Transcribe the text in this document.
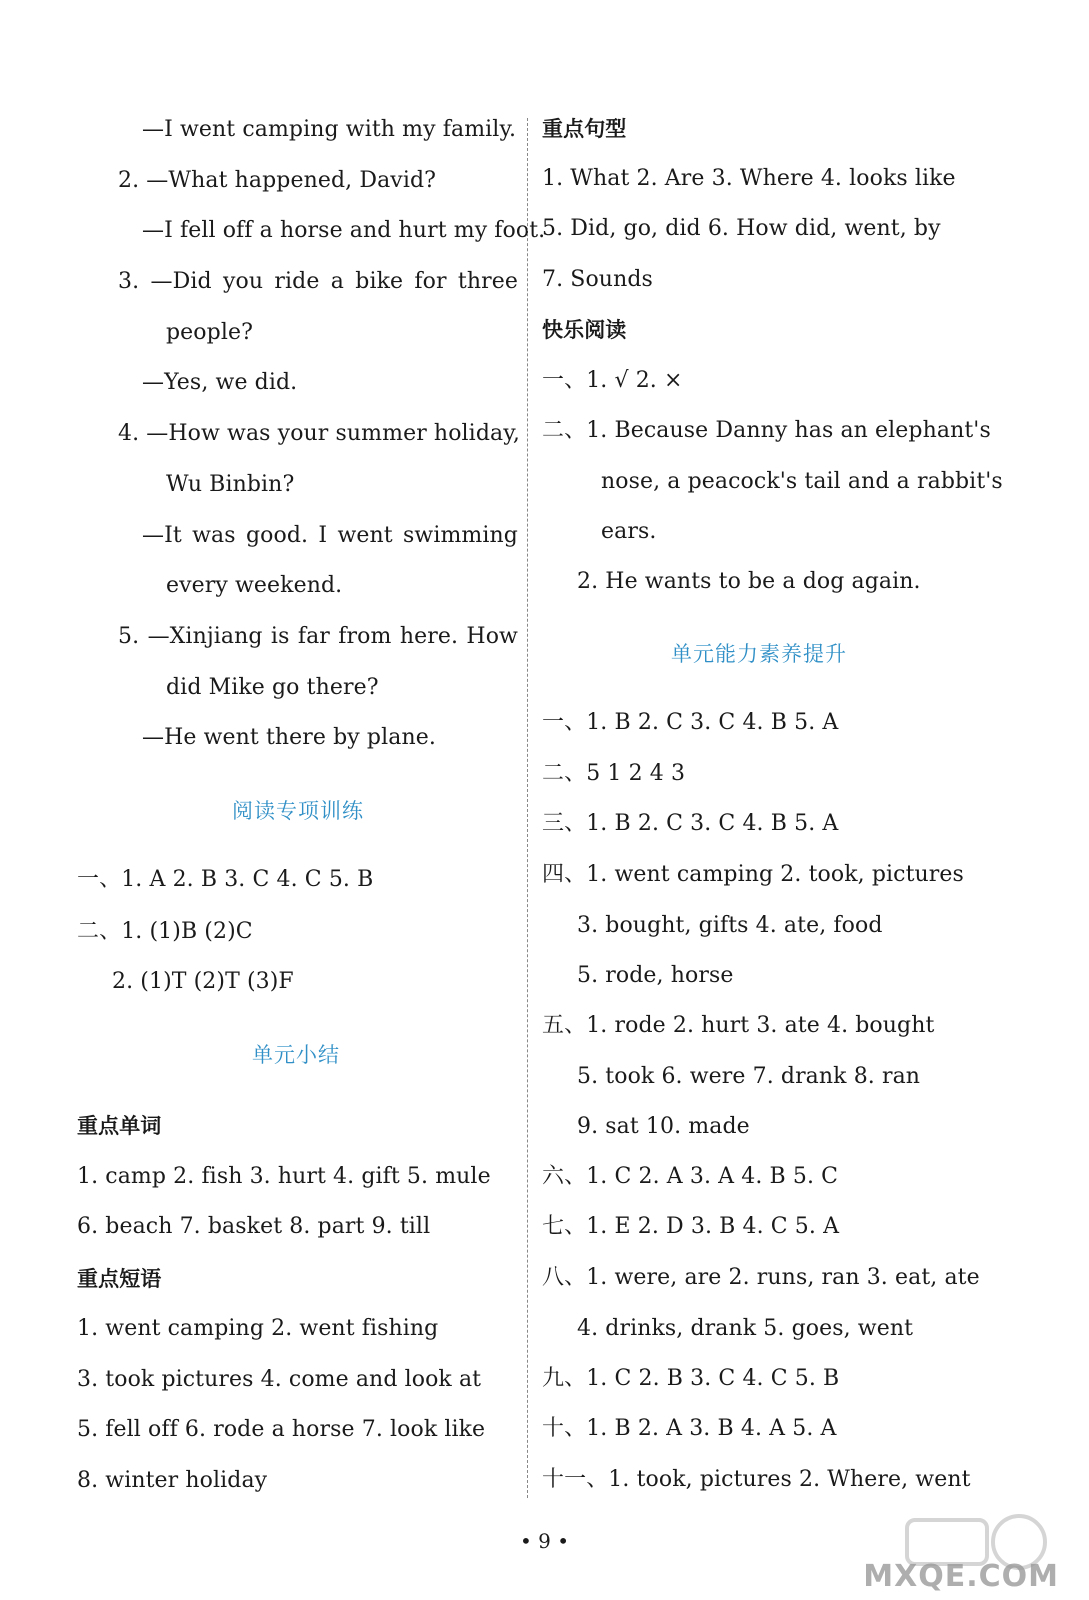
—I went camping with my family.
2. —What happened, David?
—I fell off a horse and hurt my foot.
3. —Did you ride a bike for three
people?
—Yes, we did.
4. —How was your summer holiday,
Wu Binbin?
—It was good. I went swimming
every weekend.
5. —Xinjiang is far from here. How
did Mike go there?
—He went there by plane.
阅读专项训练
一、1. A 2. B 3. C 4. C 5. B
二、1. (1)B (2)C
2. (1)T (2)T (3)F
单元小结
重点单词
1. camp 2. fish 3. hurt 4. gift 5. mule
6. beach 7. basket 8. part 9. till
重点短语
1. went camping 2. went fishing
3. took pictures 4. come and look at
5. fell off 6. rode a horse 7. look like
8. winter holiday
重点句型
1. What 2. Are 3. Where 4. looks like
5. Did, go, did 6. How did, went, by
7. Sounds
快乐阅读
一、1. √ 2. ×
二、1. Because Danny has an elephant's
nose, a peacock's tail and a rabbit's
ears.
2. He wants to be a dog again.
单元能力素养提升
一、1. B 2. C 3. C 4. B 5. A
二、5 1 2 4 3
三、1. B 2. C 3. C 4. B 5. A
四、1. went camping 2. took, pictures
3. bought, gifts 4. ate, food
5. rode, horse
五、1. rode 2. hurt 3. ate 4. bought
5. took 6. were 7. drank 8. ran
9. sat 10. made
六、1. C 2. A 3. A 4. B 5. C
七、1. E 2. D 3. B 4. C 5. A
八、1. were, are 2. runs, ran 3. eat, ate
4. drinks, drank 5. goes, went
九、1. C 2. B 3. C 4. C 5. B
十、1. B 2. A 3. B 4. A 5. A
十一、1. took, pictures 2. Where, went
• 9 •
MXQE.COM
